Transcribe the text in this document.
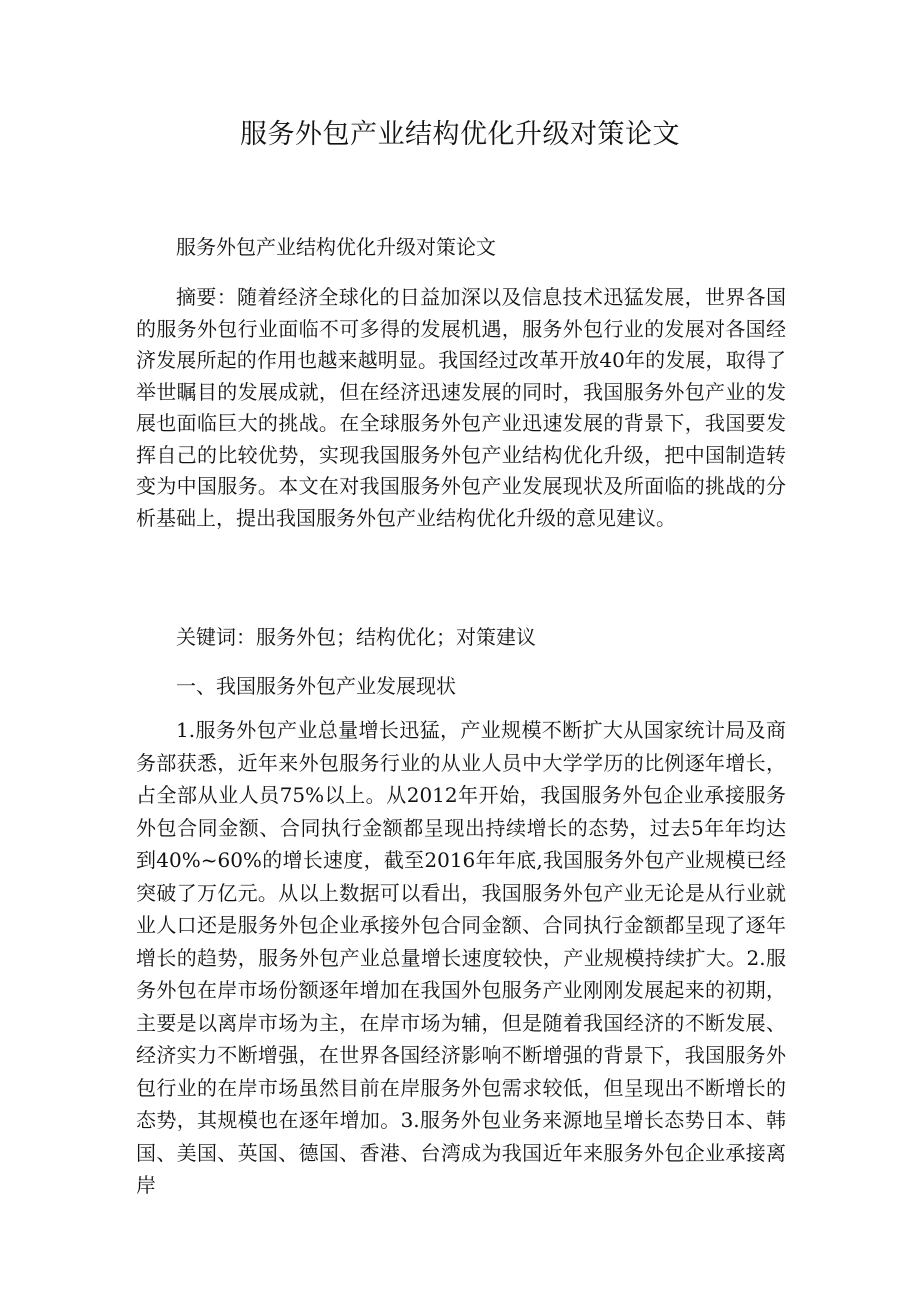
服务外包产业结构优化升级对策论文

服务外包产业结构优化升级对策论文

摘要：随着经济全球化的日益加深以及信息技术迅猛发展，世界各国的服务外包行业面临不可多得的发展机遇，服务外包行业的发展对各国经济发展所起的作用也越来越明显。我国经过改革开放40年的发展，取得了举世瞩目的发展成就，但在经济迅速发展的同时，我国服务外包产业的发展也面临巨大的挑战。在全球服务外包产业迅速发展的背景下，我国要发挥自己的比较优势，实现我国服务外包产业结构优化升级，把中国制造转变为中国服务。本文在对我国服务外包产业发展现状及所面临的挑战的分析基础上，提出我国服务外包产业结构优化升级的意见建议。

关键词：服务外包；结构优化；对策建议

一、我国服务外包产业发展现状

1.服务外包产业总量增长迅猛，产业规模不断扩大从国家统计局及商务部获悉，近年来外包服务行业的从业人员中大学学历的比例逐年增长，占全部从业人员75%以上。从2012年开始，我国服务外包企业承接服务外包合同金额、合同执行金额都呈现出持续增长的态势，过去5年年均达到40%~60%的增长速度，截至2016年年底,我国服务外包产业规模已经突破了万亿元。从以上数据可以看出，我国服务外包产业无论是从行业就业人口还是服务外包企业承接外包合同金额、合同执行金额都呈现了逐年增长的趋势，服务外包产业总量增长速度较快，产业规模持续扩大。2.服务外包在岸市场份额逐年增加在我国外包服务产业刚刚发展起来的初期，主要是以离岸市场为主，在岸市场为辅，但是随着我国经济的不断发展、经济实力不断增强，在世界各国经济影响不断增强的背景下，我国服务外包行业的在岸市场虽然目前在岸服务外包需求较低，但呈现出不断增长的态势，其规模也在逐年增加。3.服务外包业务来源地呈增长态势日本、韩国、美国、英国、德国、香港、台湾成为我国近年来服务外包企业承接离岸
